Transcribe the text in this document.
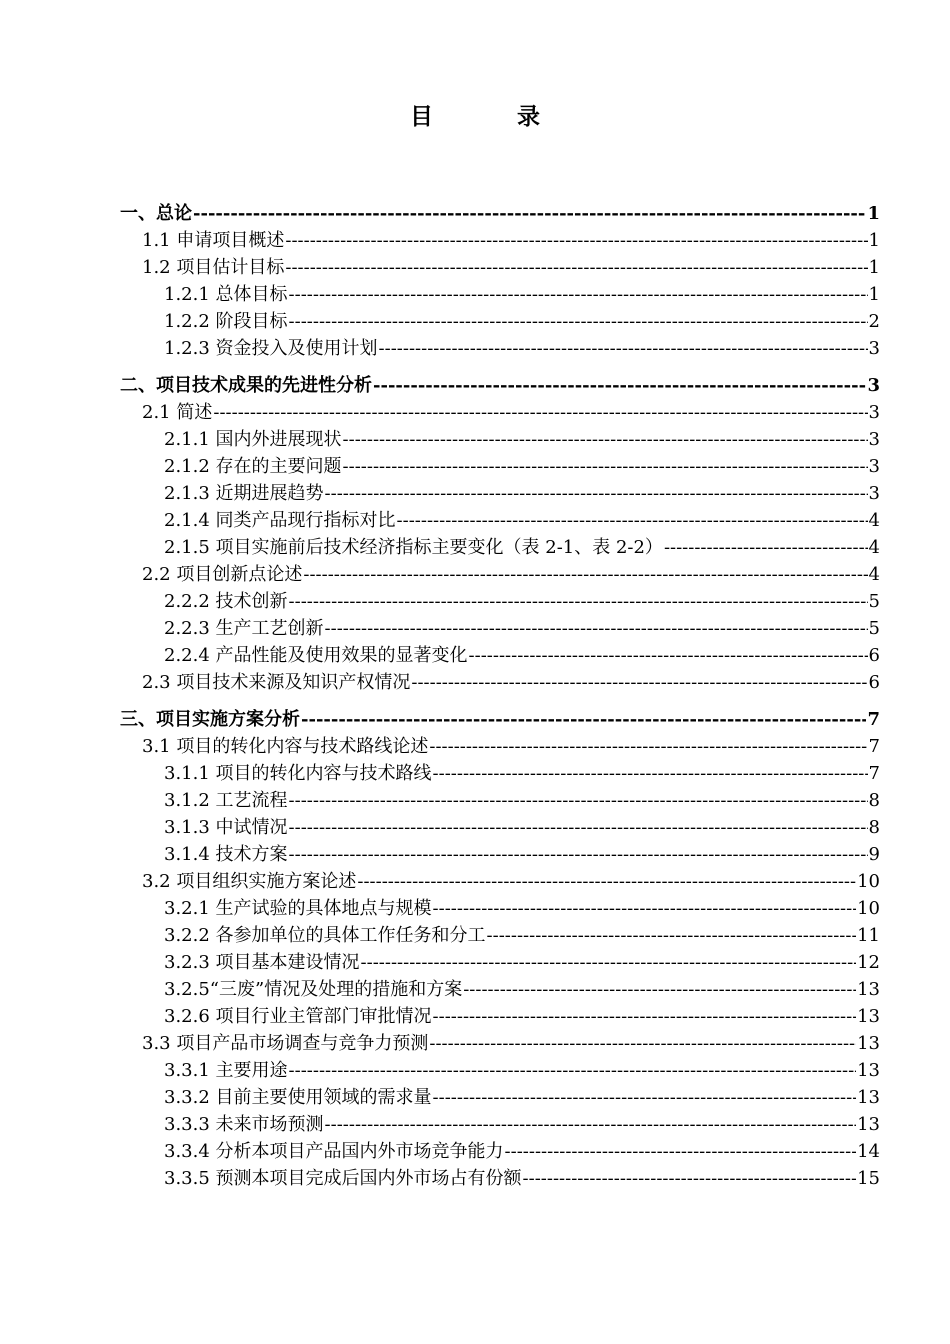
目 录
一、总论 -----	1
1.1 申请项目概述 -----	1
1.2 项目估计目标 -----	1
1.2.1 总体目标 -----	1
1.2.2 阶段目标 -----	2
1.2.3 资金投入及使用计划 -----	3
二、项目技术成果的先进性分析 -----	3
2.1 简述 -----	3
2.1.1 国内外进展现状 -----	3
2.1.2 存在的主要问题 -----	3
2.1.3 近期进展趋势 -----	3
2.1.4 同类产品现行指标对比 -----	4
2.1.5 项目实施前后技术经济指标主要变化（表 2-1、表 2-2） -----	4
2.2 项目创新点论述 -----	4
2.2.2 技术创新 -----	5
2.2.3 生产工艺创新 -----	5
2.2.4 产品性能及使用效果的显著变化 -----	6
2.3 项目技术来源及知识产权情况 -----	6
三、项目实施方案分析 -----	7
3.1 项目的转化内容与技术路线论述 -----	7
3.1.1 项目的转化内容与技术路线 -----	7
3.1.2 工艺流程 -----	8
3.1.3 中试情况 -----	8
3.1.4 技术方案 -----	9
3.2 项目组织实施方案论述 -----	10
3.2.1 生产试验的具体地点与规模 -----	10
3.2.2 各参加单位的具体工作任务和分工 -----	11
3.2.3 项目基本建设情况 -----	12
3.2.5“三废”情况及处理的措施和方案 -----	13
3.2.6 项目行业主管部门审批情况 -----	13
3.3 项目产品市场调查与竞争力预测 -----	13
3.3.1 主要用途 -----	13
3.3.2 目前主要使用领域的需求量 -----	13
3.3.3 未来市场预测 -----	13
3.3.4 分析本项目产品国内外市场竞争能力 -----	14
3.3.5 预测本项目完成后国内外市场占有份额 -----	15
